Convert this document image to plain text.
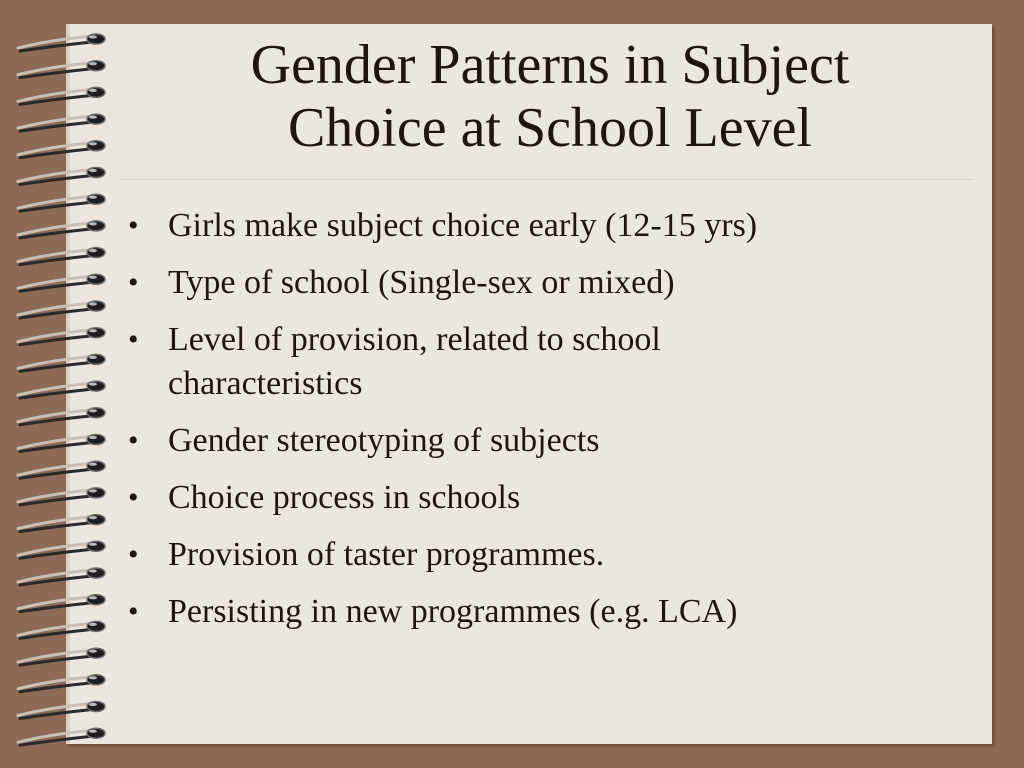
Gender Patterns in Subject
Choice at School Level
• Girls make subject choice early (12-15 yrs)
• Type of school (Single-sex or mixed)
• Level of provision, related to school characteristics
• Gender stereotyping of subjects
• Choice process in schools
• Provision of taster programmes.
• Persisting in new programmes (e.g. LCA)
